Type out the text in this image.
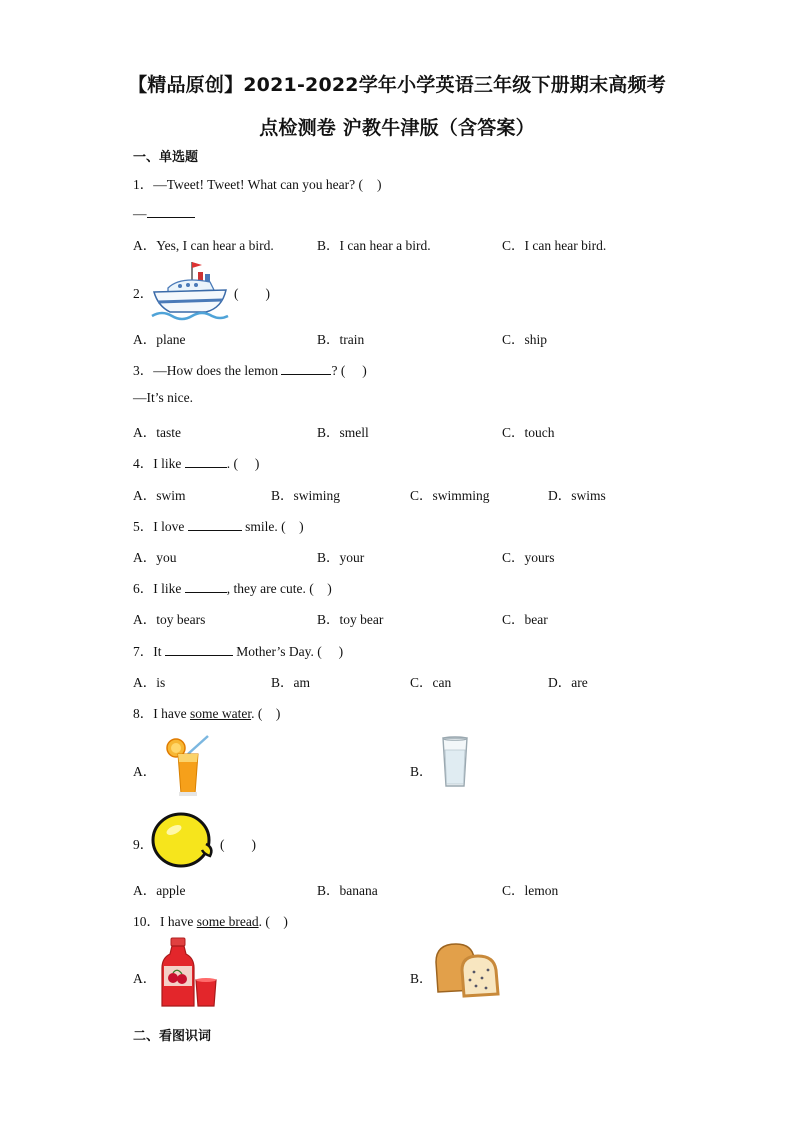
【精品原创】2021-2022学年小学英语三年级下册期末高频考
点检测卷 沪教牛津版（含答案）
一、单选题
1．—Tweet! Tweet! What can you hear? ( )
—
A．Yes, I can hear a bird.	B．I can hear a bird.	C．I can hear bird.
2．	(　　)
A．plane	B．train	C．ship
3．—How does the lemon	? (　 )
—It’s nice.
A．taste	B．smell	C．touch
4．I like	. (　 )
A．swim	B．swiming	C．swimming	D．swims
5．I love	smile. (　)
A．you	B．your	C．yours
6．I like	, they are cute. (　)
A．toy bears	B．toy bear	C．bear
7．It	Mother’s Day. (　 )
A．is	B．am	C．can	D．are
8．I have some water. (　)
A．	B．
9．	(　　)
A．apple	B．banana	C．lemon
10．I have some bread. (　)
A．	B．
二、看图识词
